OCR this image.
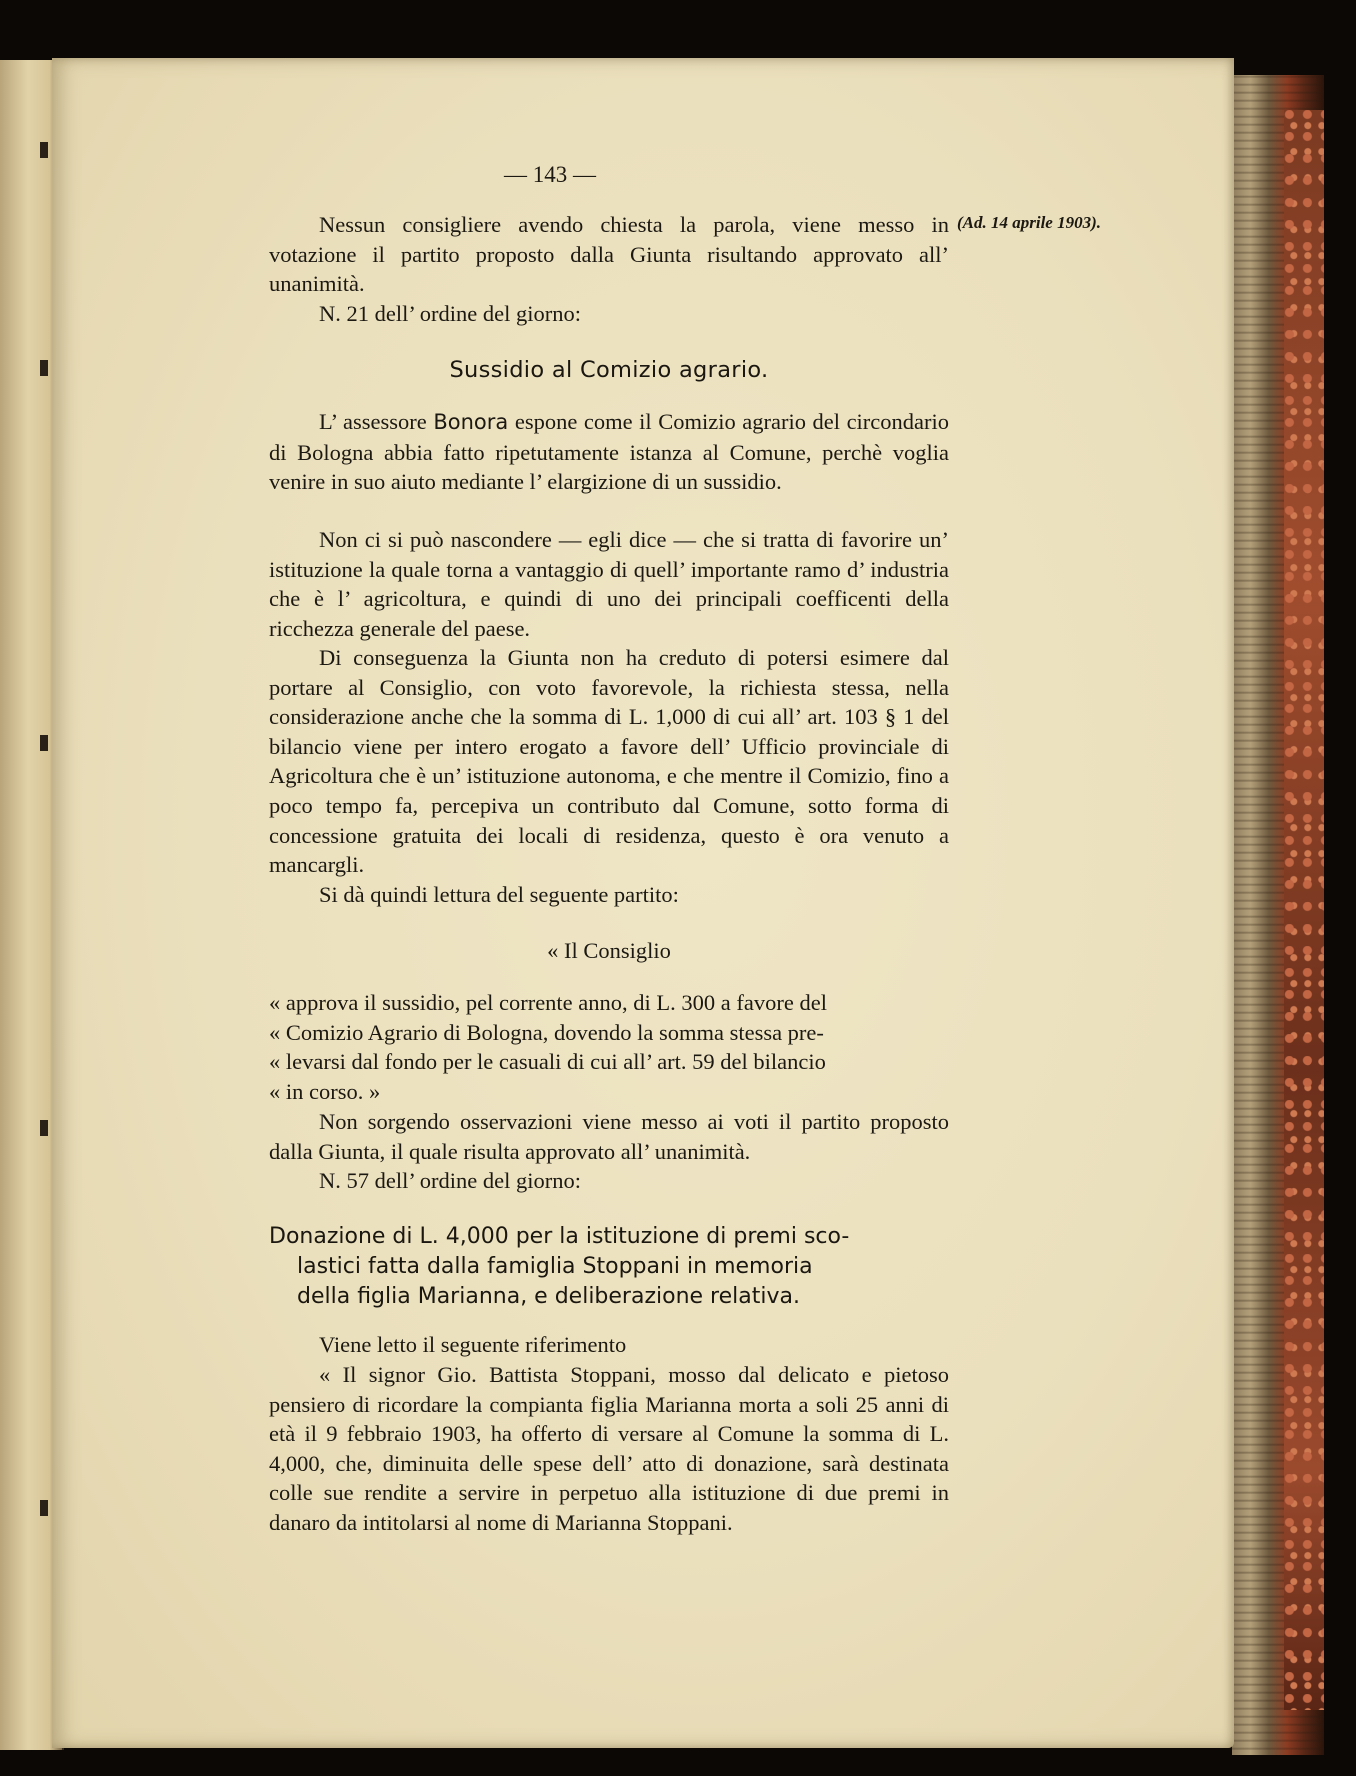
— 143 —
(Ad. 14 aprile 1903).

Nessun consigliere avendo chiesta la parola, viene messo in votazione il partito proposto dalla Giunta risultando approvato all’ unanimità.

N. 21 dell’ ordine del giorno:

Sussidio al Comizio agrario.

L’ assessore Bonora espone come il Comizio agrario del circondario di Bologna abbia fatto ripetutamente istanza al Comune, perchè voglia venire in suo aiuto mediante l’ elargizione di un sussidio.

Non ci si può nascondere — egli dice — che si tratta di favorire un’ istituzione la quale torna a vantaggio di quell’ importante ramo d’ industria che è l’ agricoltura, e quindi di uno dei principali coefficenti della ricchezza generale del paese.

Di conseguenza la Giunta non ha creduto di potersi esimere dal portare al Consiglio, con voto favorevole, la richiesta stessa, nella considerazione anche che la somma di L. 1,000 di cui all’ art. 103 § 1 del bilancio viene per intero erogato a favore dell’ Ufficio provinciale di Agricoltura che è un’ istituzione autonoma, e che mentre il Comizio, fino a poco tempo fa, percepiva un contributo dal Comune, sotto forma di concessione gratuita dei locali di residenza, questo è ora venuto a mancargli.

Si dà quindi lettura del seguente partito:

« Il Consiglio

« approva il sussidio, pel corrente anno, di L. 300 a favore del

« Comizio Agrario di Bologna, dovendo la somma stessa pre-

« levarsi dal fondo per le casuali di cui all’ art. 59 del bilancio

« in corso. »

Non sorgendo osservazioni viene messo ai voti il partito proposto dalla Giunta, il quale risulta approvato all’ unanimità.

N. 57 dell’ ordine del giorno:

Donazione di L. 4,000 per la istituzione di premi sco-
lastici fatta dalla famiglia Stoppani in memoria
della figlia Marianna, e deliberazione relativa.

Viene letto il seguente riferimento

« Il signor Gio. Battista Stoppani, mosso dal delicato e pietoso pensiero di ricordare la compianta figlia Marianna morta a soli 25 anni di età il 9 febbraio 1903, ha offerto di versare al Comune la somma di L. 4,000, che, diminuita delle spese dell’ atto di donazione, sarà destinata colle sue rendite a servire in perpetuo alla istituzione di due premi in danaro da intitolarsi al nome di Marianna Stoppani.
